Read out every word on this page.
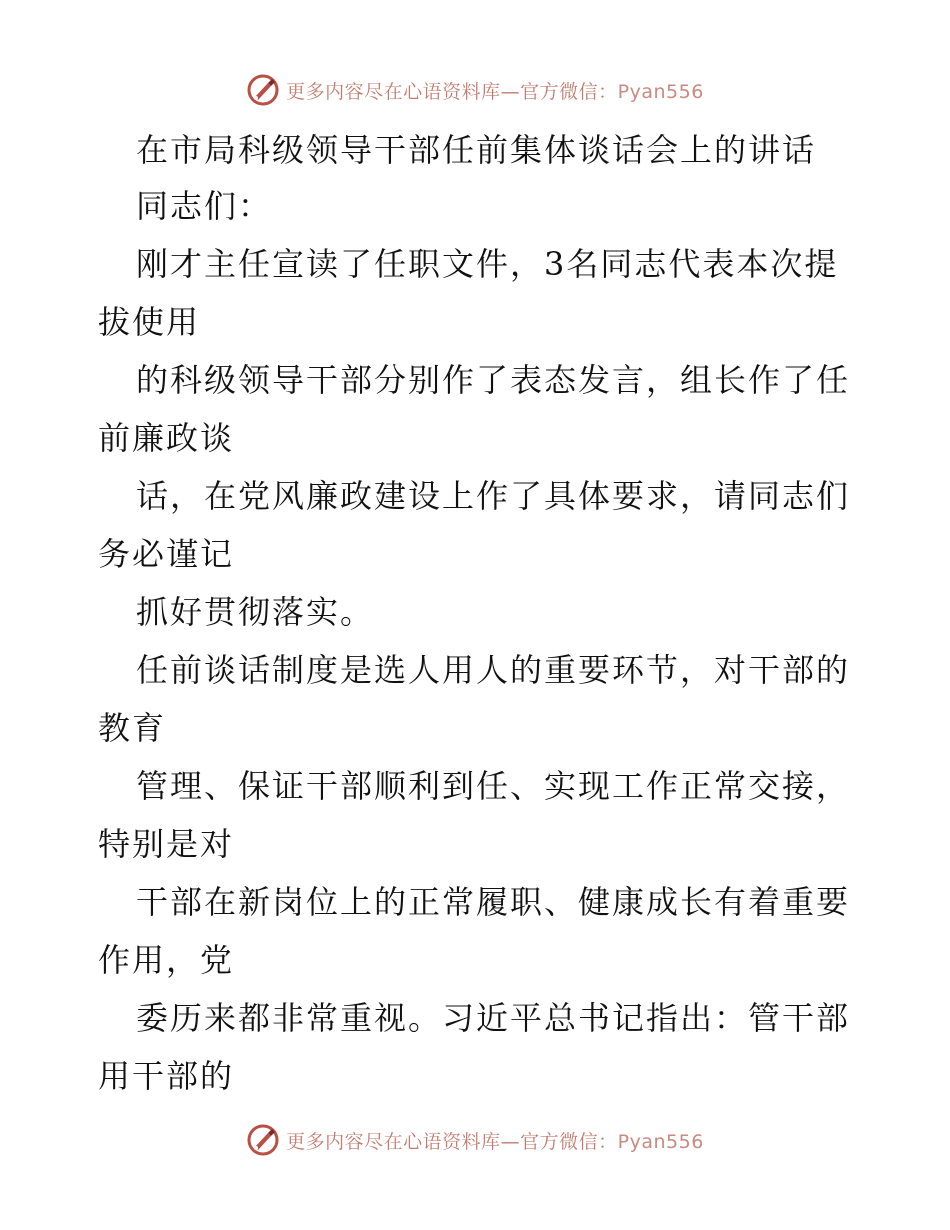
更多内容尽在心语资料库—官方微信：Pyan556
在市局科级领导干部任前集体谈话会上的讲话
同志们：
刚才主任宣读了任职文件，3名同志代表本次提
拔使用
的科级领导干部分别作了表态发言，组长作了任
前廉政谈
话，在党风廉政建设上作了具体要求，请同志们
务必谨记
抓好贯彻落实。
任前谈话制度是选人用人的重要环节，对干部的
教育
管理、保证干部顺利到任、实现工作正常交接，
特别是对
干部在新岗位上的正常履职、健康成长有着重要
作用，党
委历来都非常重视。习近平总书记指出：管干部
用干部的
更多内容尽在心语资料库—官方微信：Pyan556
